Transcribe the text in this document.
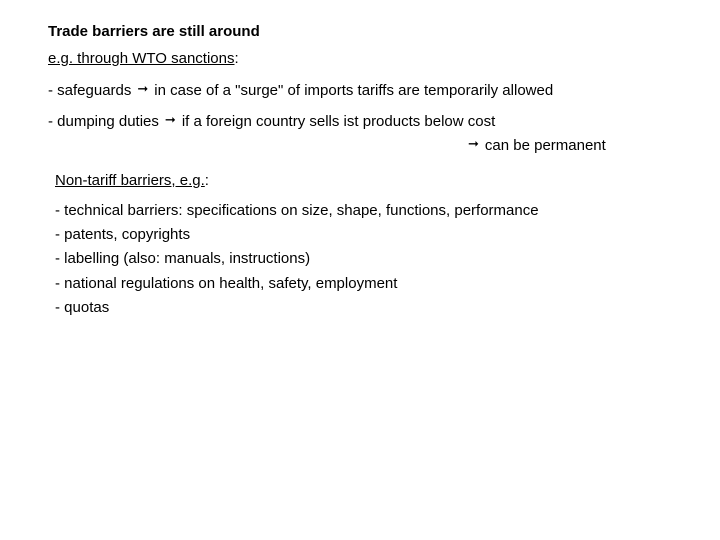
Trade barriers are still around
e.g. through WTO sanctions:
- safeguards ➞ in case of a "surge" of imports tariffs are temporarily allowed
- dumping duties ➞ if a foreign country sells ist products below cost
➞ can be permanent
Non-tariff barriers, e.g.:
- technical barriers: specifications on size, shape, functions, performance
- patents, copyrights
- labelling (also: manuals, instructions)
- national regulations on health, safety, employment
- quotas
